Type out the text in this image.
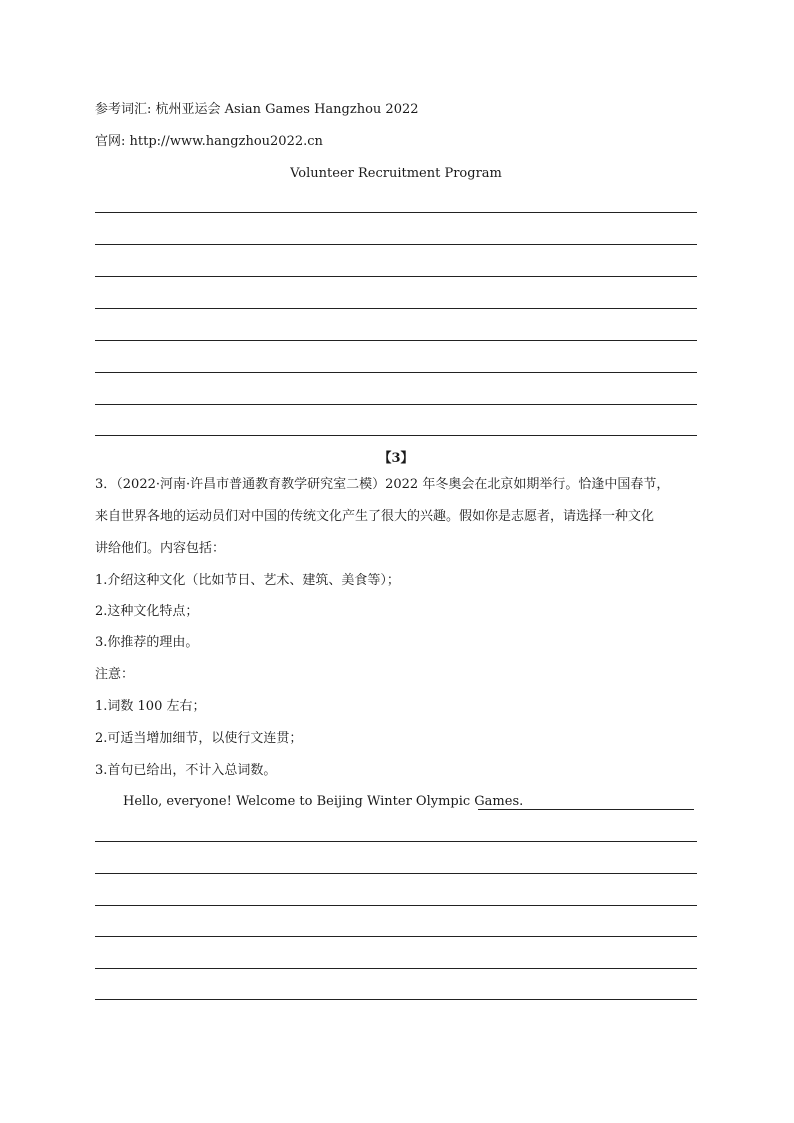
参考词汇: 杭州亚运会 Asian Games Hangzhou 2022
官网: http://www.hangzhou2022.cn
Volunteer Recruitment Program
【3】
3．（2022·河南·许昌市普通教育教学研究室二模）2022 年冬奥会在北京如期举行。恰逢中国春节，
来自世界各地的运动员们对中国的传统文化产生了很大的兴趣。假如你是志愿者，请选择一种文化
讲给他们。内容包括：
1.介绍这种文化（比如节日、艺术、建筑、美食等）；
2.这种文化特点；
3.你推荐的理由。
注意：
1.词数 100 左右；
2.可适当增加细节，以使行文连贯；
3.首句已给出，不计入总词数。
Hello, everyone! Welcome to Beijing Winter Olympic Games.
